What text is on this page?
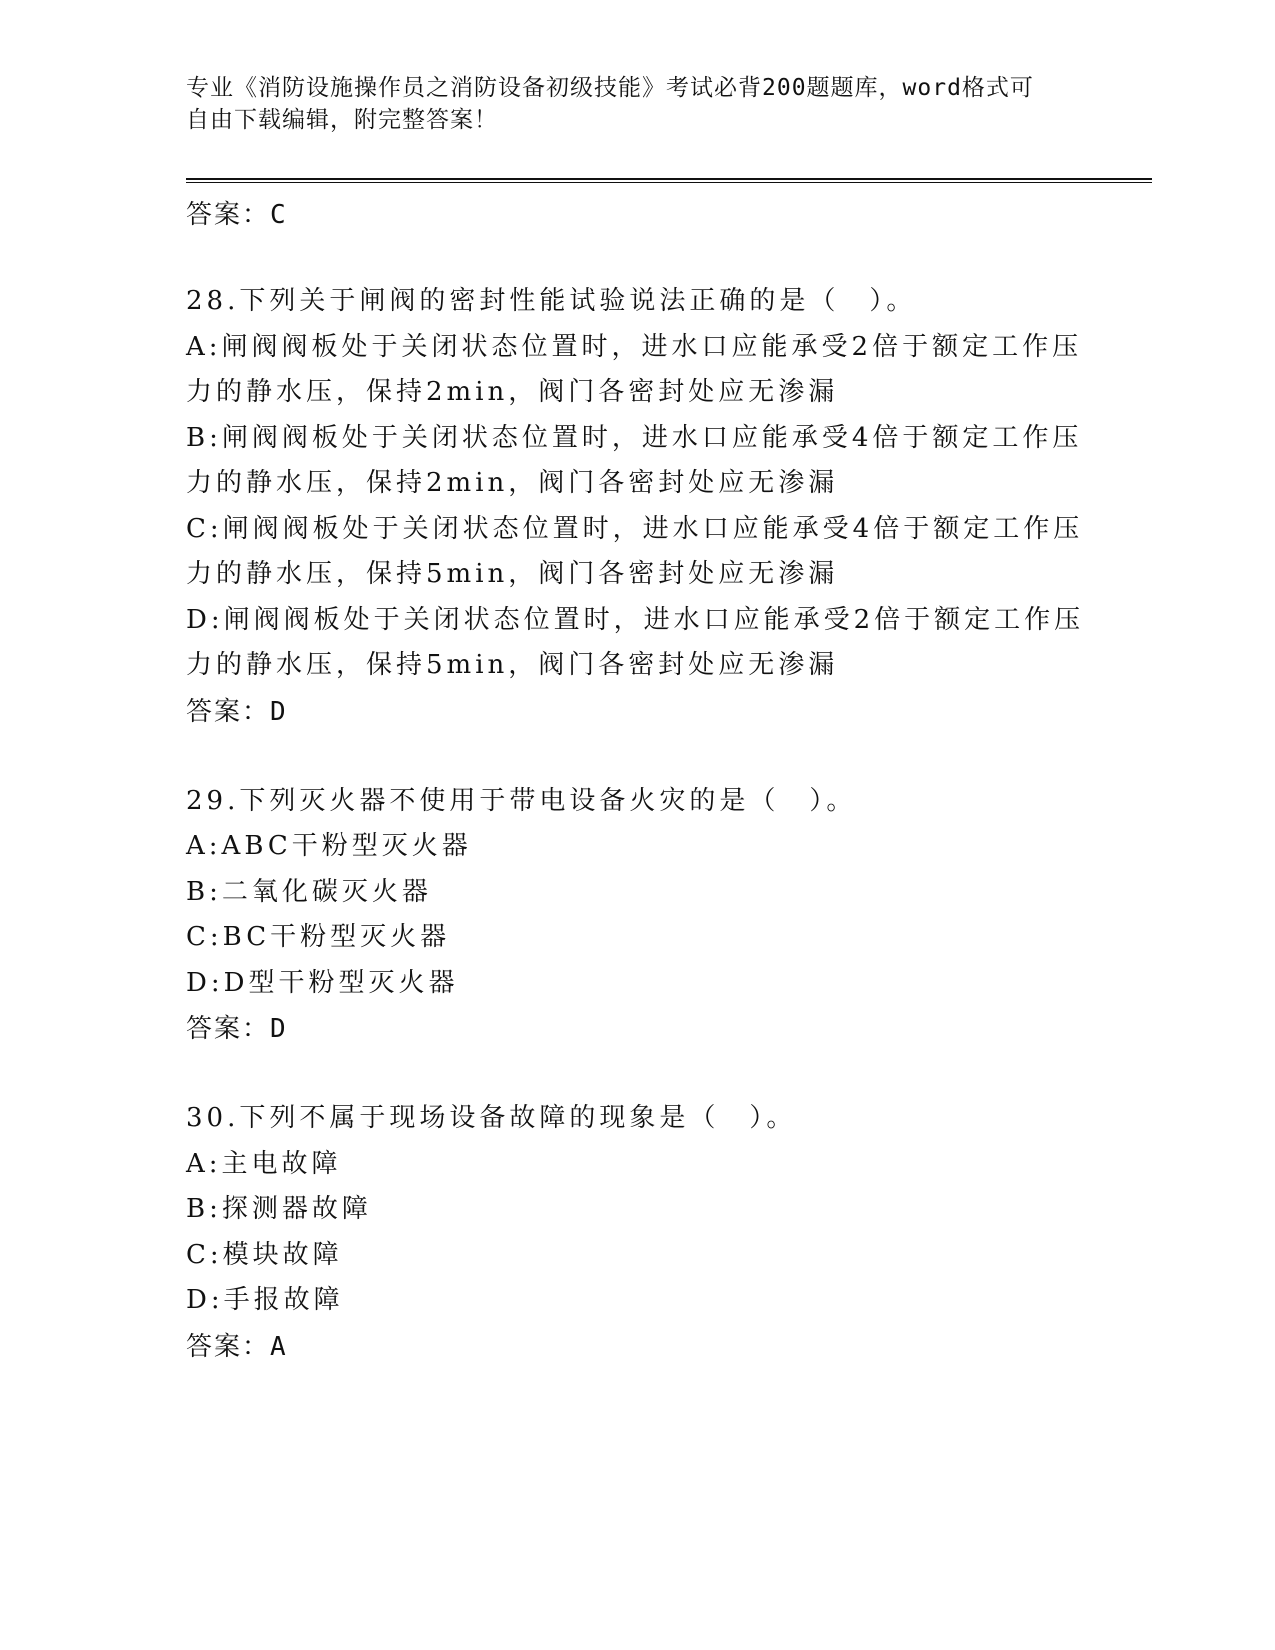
专业《消防设施操作员之消防设备初级技能》考试必背200题题库，word格式可
自由下载编辑，附完整答案！
答案：C
28.下列关于闸阀的密封性能试验说法正确的是（　）。
A:闸阀阀板处于关闭状态位置时，进水口应能承受2倍于额定工作压力的静水压，保持2min，阀门各密封处应无渗漏
B:闸阀阀板处于关闭状态位置时，进水口应能承受4倍于额定工作压力的静水压，保持2min，阀门各密封处应无渗漏
C:闸阀阀板处于关闭状态位置时，进水口应能承受4倍于额定工作压力的静水压，保持5min，阀门各密封处应无渗漏
D:闸阀阀板处于关闭状态位置时，进水口应能承受2倍于额定工作压力的静水压，保持5min，阀门各密封处应无渗漏
答案：D
29.下列灭火器不使用于带电设备火灾的是（　）。
A:ABC干粉型灭火器
B:二氧化碳灭火器
C:BC干粉型灭火器
D:D型干粉型灭火器
答案：D
30.下列不属于现场设备故障的现象是（　）。
A:主电故障
B:探测器故障
C:模块故障
D:手报故障
答案：A
